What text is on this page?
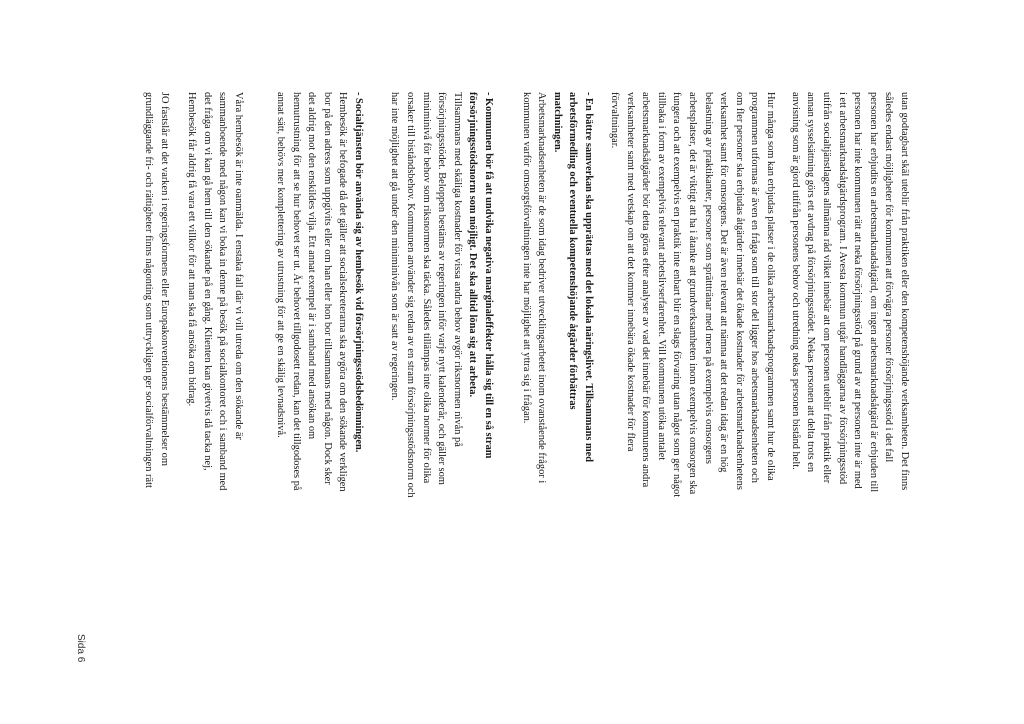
Sida 6

utan godtagbart skäl uteblir från praktiken eller den kompetenshöjande verksamheten. Det finns

således endast möjligheter för kommunen att förvägra personer försörjningsstöd i det fall

personen har erbjudits en arbetsmarknadsåtgärd, om ingen arbetsmarknadsåtgärd är erbjuden till

personen har inte kommunen rätt att neka försörjningsstöd på grund av att personen inte är med

i ett arbetsmarknadsåtgärdsprogram. I Avesta kommun utgår handläggarna av försörjningsstöd

utifrån socialtjänstlagens allmänna råd vilket innebär att om personen uteblir från praktik eller

annan sysselsättning görs ett avdrag på försörjningsstödet. Nekas personen att delta trots en

anvisning som är gjord utifrån personens behov och utredning nekas personen bistånd helt.

Hur många som kan erbjudas platser i de olika arbetsmarknadsprogrammen samt hur de olika

programmen utformas är även en fråga som till stor del ligger hos arbetsmarknadsenheten och

om fler personer ska erbjudas åtgärder innebär det ökade kostnader för arbetsmarknadsenhetens

verksamhet samt för omsorgens. Det är även relevant att nämna att det redan idag är en hög

belastning av praktikanter, personer som sprätttränar med mera på exempelvis omsorgens

arbetsplatser, det är viktigt att ha i åtanke att grundverksamheten inom exempelvis omsorgen ska

fungera och att exempelvis en praktik inte enbart blir en slags förvaring utan något som ger något

tillbaka i form av exempelvis relevant arbetslivserfarenhet. Vill kommunen utöka antalet

arbetsmarknadsåtgärder bör detta göras efter analyser av vad det innebär för kommunens andra

verksamheter samt med vetskap om att det kommer innebära ökade kostnader för flera

förvaltningar.

- En bättre samverkan ska upprättas med det lokala näringslivet. Tillsammans med

arbetsförmedling och eventuella kompetenshöjande åtgärder förbättras

matchningen.

Arbetsmarknadsenheten är de som idag bedriver utvecklingsarbetet inom ovanstående frågor i

kommunen varför omsorgsförvaltningen inte har möjlighet att yttra sig i frågan.

- Kommunen bör få att undvika negativa marginaleffekter hålla sig till en så stram

försörjningsstödsnorm som möjligt. Det ska alltid löna sig att arbeta.

Tillsammans med skäliga kostnader för vissa andra behov avgör riksnormen nivån på

försörjningsstödet. Beloppen bestäms av regeringen inför varje nytt kalenderår, och gäller som

miniminivå för behov som riksnormen ska täcka. Således tillämpas inte olika normer för olika

orsaker till biståndsbehov. Kommunen använder sig redan av en stram försörjningsstödsnorm och

har inte möjlighet att gå under den miniminivån som är satt av regeringen.

- Socialtjänsten bör använda sig av hembesök vid försörjningsstödsbedömningen.

Hembesök är befogade då det gäller att socialsekreterarna ska avgöra om den sökande verkligen

bor på den adress som uppgivits eller om han eller hon bor tillsammans med någon. Dock sker

det aldrig mot den enskildes vilja. Ett annat exempel är i samband med ansökan om

hemutrustning för att se hur behovet ser ut. Är behovet tillgodosett redan, kan det tillgodoses på

annat sätt, behövs mer komplettering av utrustning för att ge en skälig levnadsnivå.

Våra hembesök är inte oanmälda. I enstaka fall där vi vill utreda om den sökande är

sammanboende med någon kan vi boka in denne på besök på socialkontoret och i samband med

det fråga om vi kan gå hem till den sökande på en gång. Klienten kan givetvis då tacka nej,

Hembesök får aldrig få vara ett villkor för att man ska få ansöka om bidrag.

JO fastslår att det varken i regeringsformens eller Europakonventionens bestämmelser om

grundläggande fri- och rättigheter finns någonting som uttryckligen ger socialförvaltningen rätt
